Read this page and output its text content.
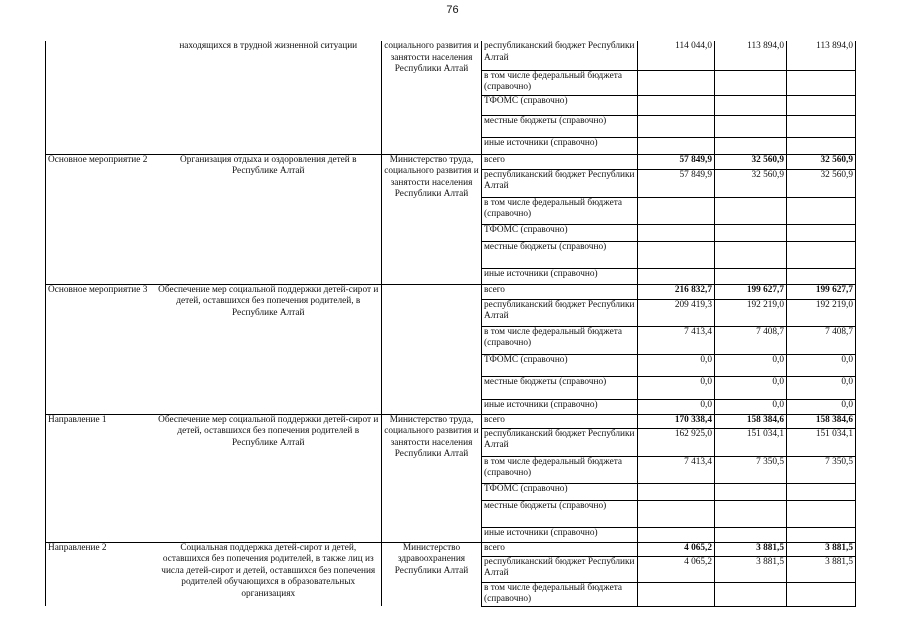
76
	находящихся в трудной жизненной ситуации	социального развития и занятости населения Республики Алтай	республиканский бюджет Республики Алтай	114 044,0	113 894,0	113 894,0
			в том числе федеральный бюджета (справочно)			
			ТФОМС (справочно)			
			местные бюджеты (справочно)			
			иные источники (справочно)			
Основное мероприятие 2	Организация отдыха и оздоровления детей в Республике Алтай	Министерство труда, социального развития и занятости населения Республики Алтай	всего	57 849,9	32 560,9	32 560,9
			республиканский бюджет Республики Алтай	57 849,9	32 560,9	32 560,9
			в том числе федеральный бюджета (справочно)			
			ТФОМС (справочно)			
			местные бюджеты (справочно)			
			иные источники (справочно)			
Основное мероприятие 3	Обеспечение мер социальной поддержки детей-сирот и детей, оставшихся без попечения родителей, в Республике Алтай		всего	216 832,7	199 627,7	199 627,7
			республиканский бюджет Республики Алтай	209 419,3	192 219,0	192 219,0
			в том числе федеральный бюджета (справочно)	7 413,4	7 408,7	7 408,7
			ТФОМС (справочно)	0,0	0,0	0,0
			местные бюджеты (справочно)	0,0	0,0	0,0
			иные источники (справочно)	0,0	0,0	0,0
Направление 1	Обеспечение мер социальной поддержки детей-сирот и детей, оставшихся без попечения родителей в Республике Алтай	Министерство труда, социального развития и занятости населения Республики Алтай	всего	170 338,4	158 384,6	158 384,6
			республиканский бюджет Республики Алтай	162 925,0	151 034,1	151 034,1
			в том числе федеральный бюджета (справочно)	7 413,4	7 350,5	7 350,5
			ТФОМС (справочно)			
			местные бюджеты (справочно)			
			иные источники (справочно)			
Направление 2	Социальная поддержка детей-сирот и детей, оставшихся без попечения родителей, в также лиц из числа детей-сирот и детей, оставшихся без попечения родителей обучающихся в образовательных организациях	Министерство здравоохранения Республики Алтай	всего	4 065,2	3 881,5	3 881,5
			республиканский бюджет Республики Алтай	4 065,2	3 881,5	3 881,5
			в том числе федеральный бюджета (справочно)			
